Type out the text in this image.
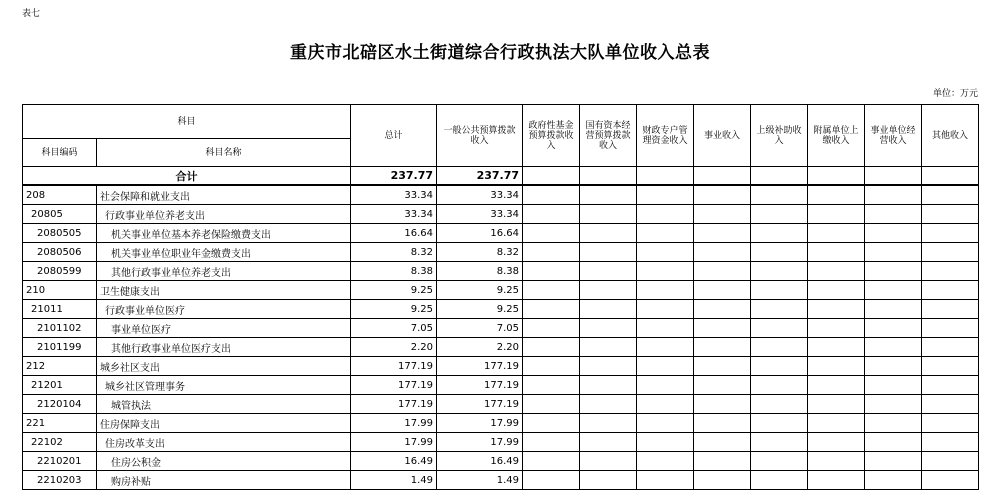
表七
重庆市北碚区水土街道综合行政执法大队单位收入总表
单位：万元
科目		总计	一般公共预算拨款收入	政府性基金预算拨款收入	国有资本经营预算拨款收入	财政专户管理资金收入	事业收入	上级补助收入	附属单位上缴收入	事业单位经营收入	其他收入
科目编码	科目名称										
合计		237.77	237.77								
208	社会保障和就业支出	33.34	33.34								
20805	行政事业单位养老支出	33.34	33.34								
2080505	机关事业单位基本养老保险缴费支出	16.64	16.64								
2080506	机关事业单位职业年金缴费支出	8.32	8.32								
2080599	其他行政事业单位养老支出	8.38	8.38								
210	卫生健康支出	9.25	9.25								
21011	行政事业单位医疗	9.25	9.25								
2101102	事业单位医疗	7.05	7.05								
2101199	其他行政事业单位医疗支出	2.20	2.20								
212	城乡社区支出	177.19	177.19								
21201	城乡社区管理事务	177.19	177.19								
2120104	城管执法	177.19	177.19								
221	住房保障支出	17.99	17.99								
22102	住房改革支出	17.99	17.99								
2210201	住房公积金	16.49	16.49								
2210203	购房补贴	1.49	1.49								
